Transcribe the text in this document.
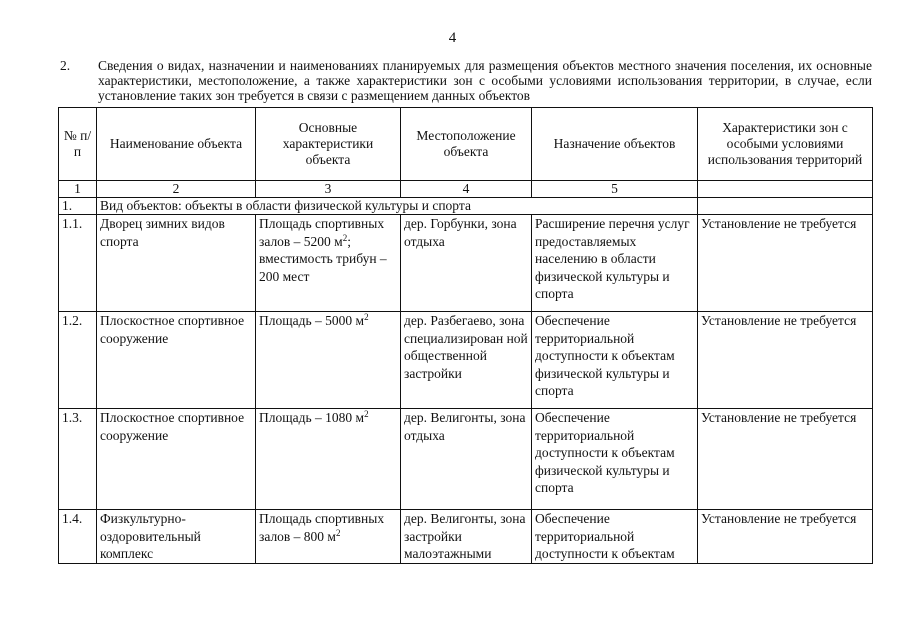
4
2. Сведения о видах, назначении и наименованиях планируемых для размещения объектов местного значения поселения, их основные характеристики, местоположение, а также характеристики зон с особыми условиями использования территории, в случае, если установление таких зон требуется в связи с размещением данных объектов
№ п/п	Наименование объекта	Основные характеристики объекта	Местоположение объекта	Назначение объектов	Характеристики зон с особыми условиями использования территорий
1	2	3	4	5	
1.	Вид объектов: объекты в области физической культуры и спорта				
1.1.	Дворец зимних видов спорта	Площадь спортивных залов – 5200 $м^2$; вместимость трибун – 200 мест	дер. Горбунки, зона отдыха	Расширение перечня услуг предоставляемых населению в области физической культуры и спорта	Установление не требуется
1.2.	Плоскостное спортивное сооружение	Площадь – 5000 $м^2$	дер. Разбегаево, зона специализирован ной общественной застройки	Обеспечение территориальной доступности к объектам физической культуры и спорта	Установление не требуется
1.3.	Плоскостное спортивное сооружение	Площадь – 1080 $м^2$	дер. Велигонты, зона отдыха	Обеспечение территориальной доступности к объектам физической культуры и спорта	Установление не требуется
1.4.	Физкультурно-оздоровительный комплекс	Площадь спортивных залов – 800 $м^2$	дер. Велигонты, зона застройки малоэтажными	Обеспечение территориальной доступности к объектам	Установление не требуется
